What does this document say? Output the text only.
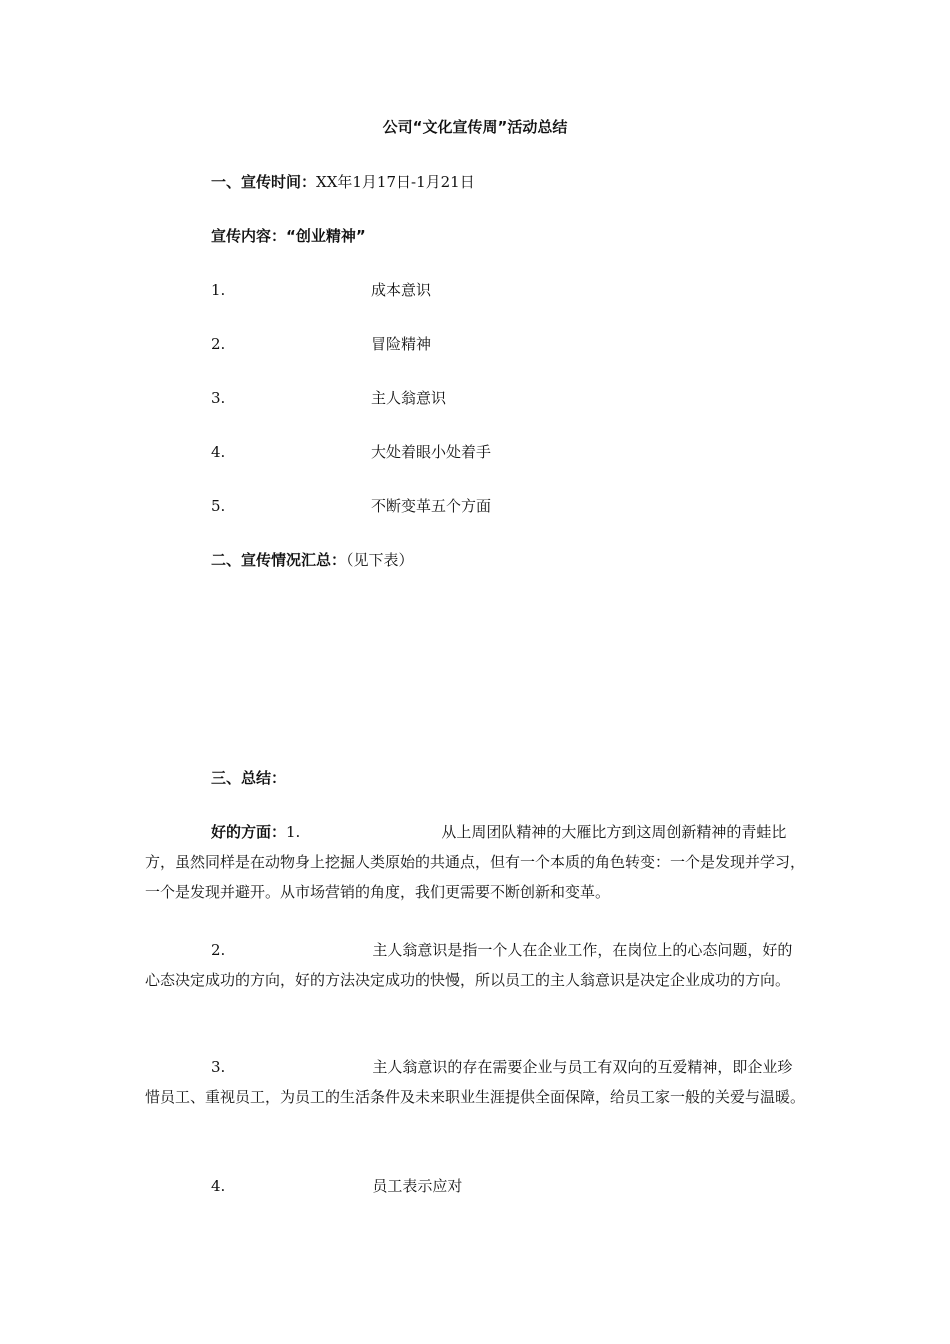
公司“文化宣传周”活动总结
一、宣传时间：XX年1月17日-1月21日
宣传内容：“创业精神”
1.	成本意识
2.	冒险精神
3.	主人翁意识
4.	大处着眼小处着手
5.	不断变革五个方面
二、宣传情况汇总：（见下表）
三、总结：
好的方面：1.	从上周团队精神的大雁比方到这周创新精神的青蛙比方，虽然同样是在动物身上挖掘人类原始的共通点，但有一个本质的角色转变：一个是发现并学习，一个是发现并避开。从市场营销的角度，我们更需要不断创新和变革。
2.	主人翁意识是指一个人在企业工作，在岗位上的心态问题，好的心态决定成功的方向，好的方法决定成功的快慢，所以员工的主人翁意识是决定企业成功的方向。
3.	主人翁意识的存在需要企业与员工有双向的互爱精神，即企业珍惜员工、重视员工，为员工的生活条件及未来职业生涯提供全面保障，给员工家一般的关爱与温暖。
4.	员工表示应对
